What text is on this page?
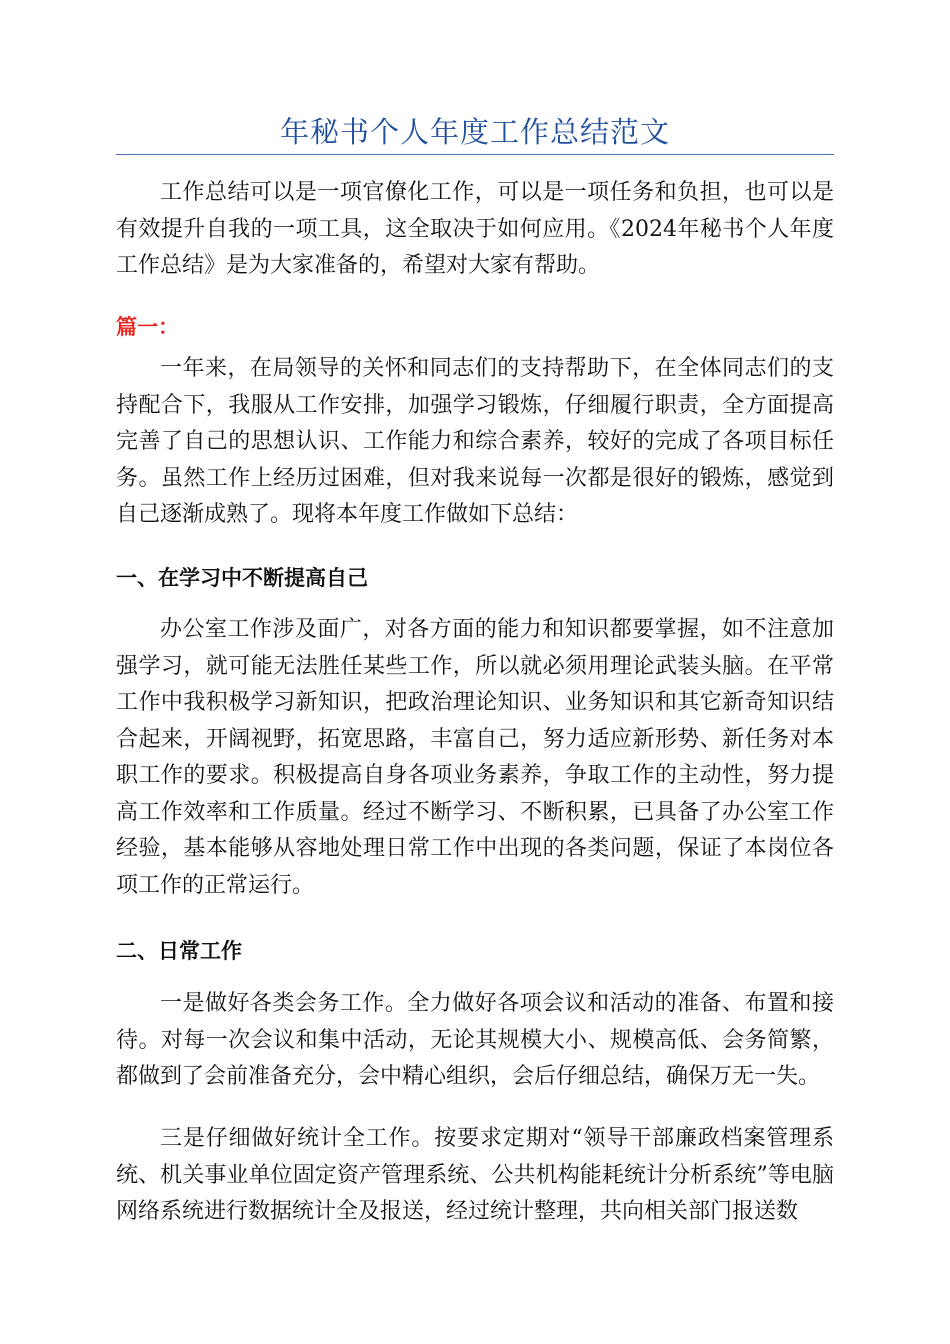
年秘书个人年度工作总结范文

工作总结可以是一项官僚化工作，可以是一项任务和负担，也可以是有效提升自我的一项工具，这全取决于如何应用。《2024年秘书个人年度工作总结》是为大家准备的，希望对大家有帮助。

篇一：

一年来，在局领导的关怀和同志们的支持帮助下，在全体同志们的支持配合下，我服从工作安排，加强学习锻炼，仔细履行职责，全方面提高完善了自己的思想认识、工作能力和综合素养，较好的完成了各项目标任务。虽然工作上经历过困难，但对我来说每一次都是很好的锻炼，感觉到自己逐渐成熟了。现将本年度工作做如下总结：

一、在学习中不断提高自己

办公室工作涉及面广，对各方面的能力和知识都要掌握，如不注意加强学习，就可能无法胜任某些工作，所以就必须用理论武装头脑。在平常工作中我积极学习新知识，把政治理论知识、业务知识和其它新奇知识结合起来，开阔视野，拓宽思路，丰富自己，努力适应新形势、新任务对本职工作的要求。积极提高自身各项业务素养，争取工作的主动性，努力提高工作效率和工作质量。经过不断学习、不断积累，已具备了办公室工作经验，基本能够从容地处理日常工作中出现的各类问题，保证了本岗位各项工作的正常运行。

二、日常工作

一是做好各类会务工作。全力做好各项会议和活动的准备、布置和接待。对每一次会议和集中活动，无论其规模大小、规模高低、会务简繁，都做到了会前准备充分，会中精心组织，会后仔细总结，确保万无一失。

三是仔细做好统计全工作。按要求定期对“领导干部廉政档案管理系统、机关事业单位固定资产管理系统、公共机构能耗统计分析系统”等电脑网络系统进行数据统计全及报送，经过统计整理，共向相关部门报送数
